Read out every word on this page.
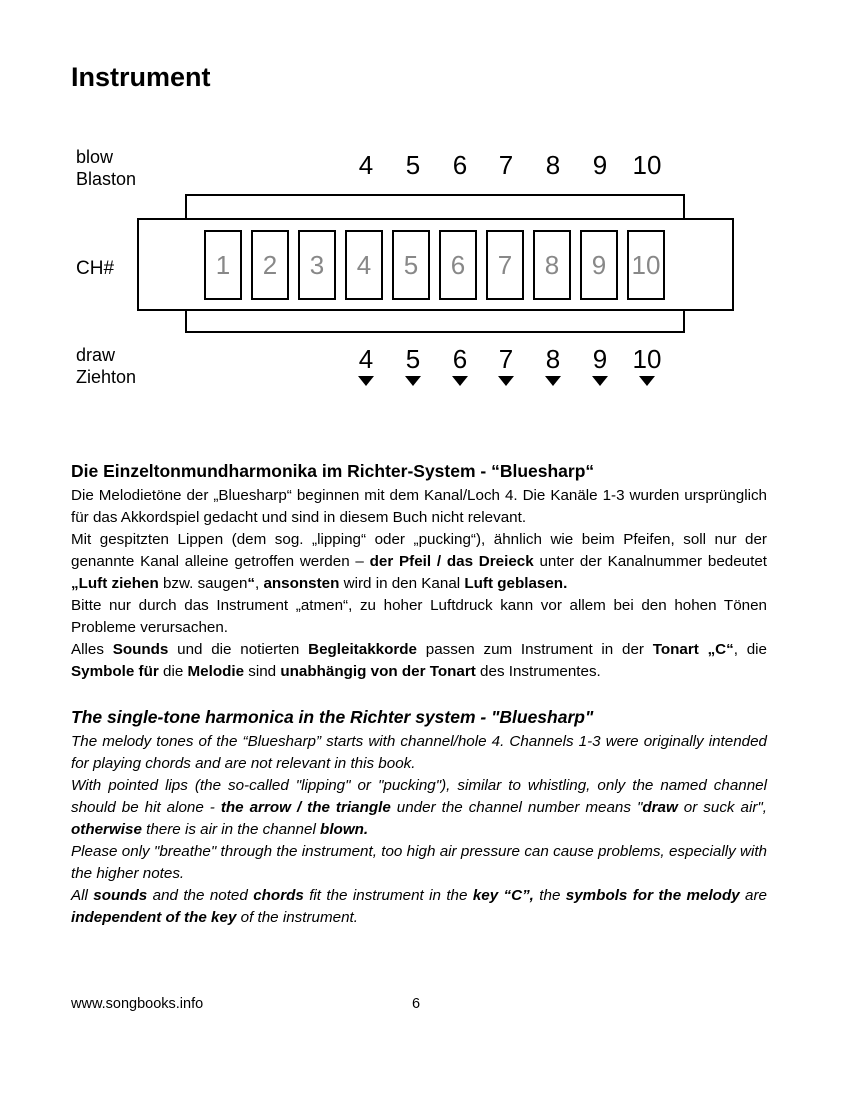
Instrument
blow
Blaston
CH#
draw
Ziehton
4	5	6	7	8	9 10
1	2	3	4	5	6	7	8	9 10
4	5	6	7	8	9 10
Die Einzeltonmundharmonika im Richter-System - “Bluesharp“

Die Melodietöne der „Bluesharp“ beginnen mit dem Kanal/Loch 4. Die Kanäle 1-3 wurden ursprünglich für das Akkordspiel gedacht und sind in diesem Buch nicht relevant.

Mit gespitzten Lippen (dem sog. „lipping“ oder „pucking“), ähnlich wie beim Pfeifen, soll nur der genannte Kanal alleine getroffen werden – der Pfeil / das Dreieck unter der Kanalnummer bedeutet „Luft ziehen bzw. saugen“, ansonsten wird in den Kanal Luft geblasen.

Bitte nur durch das Instrument „atmen“, zu hoher Luftdruck kann vor allem bei den hohen Tönen Probleme verursachen.

Alles Sounds und die notierten Begleitakkorde passen zum Instrument in der Tonart „C“, die Symbole für die Melodie sind unabhängig von der Tonart des Instrumentes.

The single-tone harmonica in the Richter system - "Bluesharp"

The melody tones of the “Bluesharp” starts with channel/hole 4. Channels 1-3 were originally intended for playing chords and are not relevant in this book.

With pointed lips (the so-called "lipping" or "pucking"), similar to whistling, only the named channel should be hit alone - the arrow / the triangle under the channel number means "draw or suck air", otherwise there is air in the channel blown.

Please only "breathe" through the instrument, too high air pressure can cause problems, especially with the higher notes.

All sounds and the noted chords fit the instrument in the key “C”, the symbols for the melody are independent of the key of the instrument.

www.songbooks.info	6
